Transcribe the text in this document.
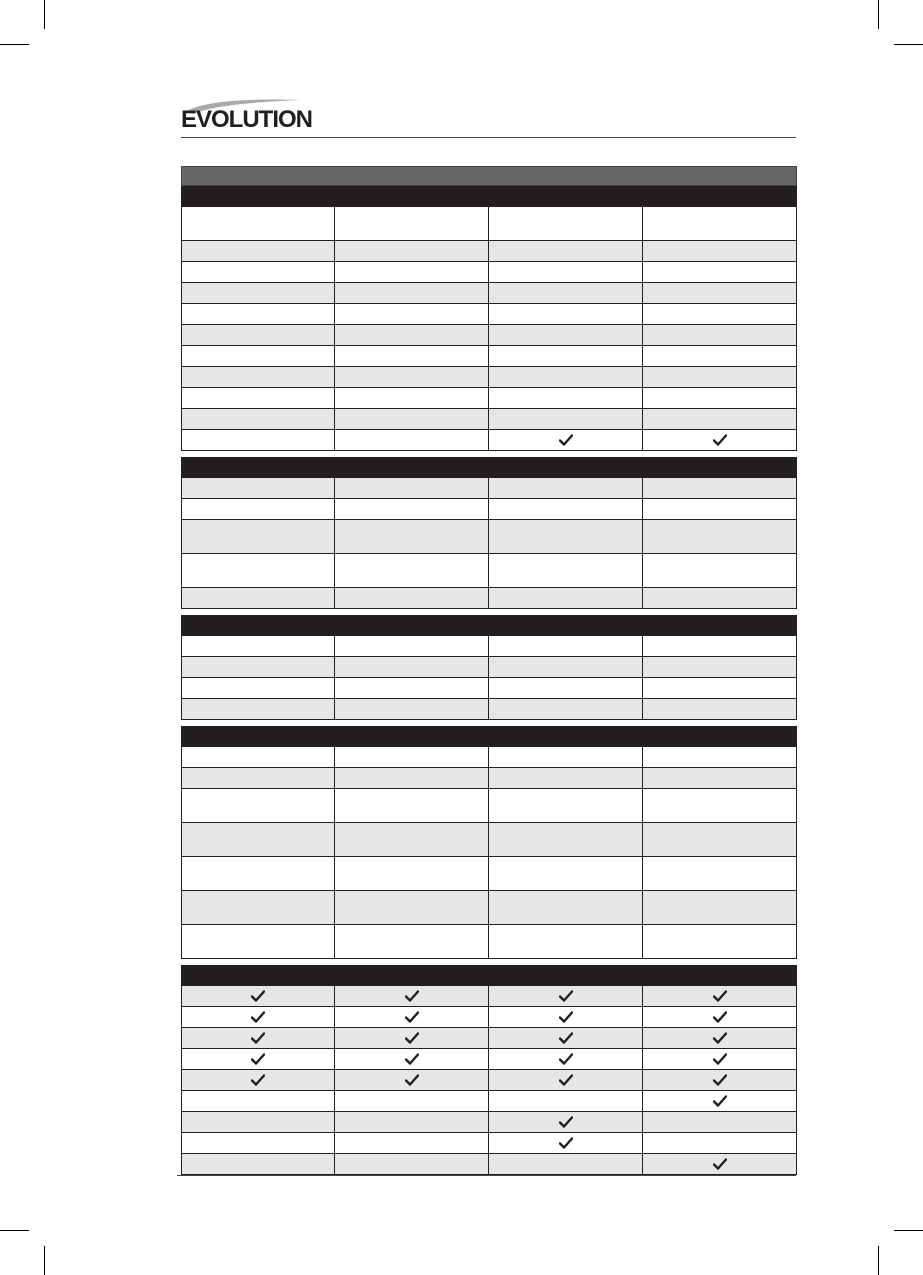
EVOLUTION
